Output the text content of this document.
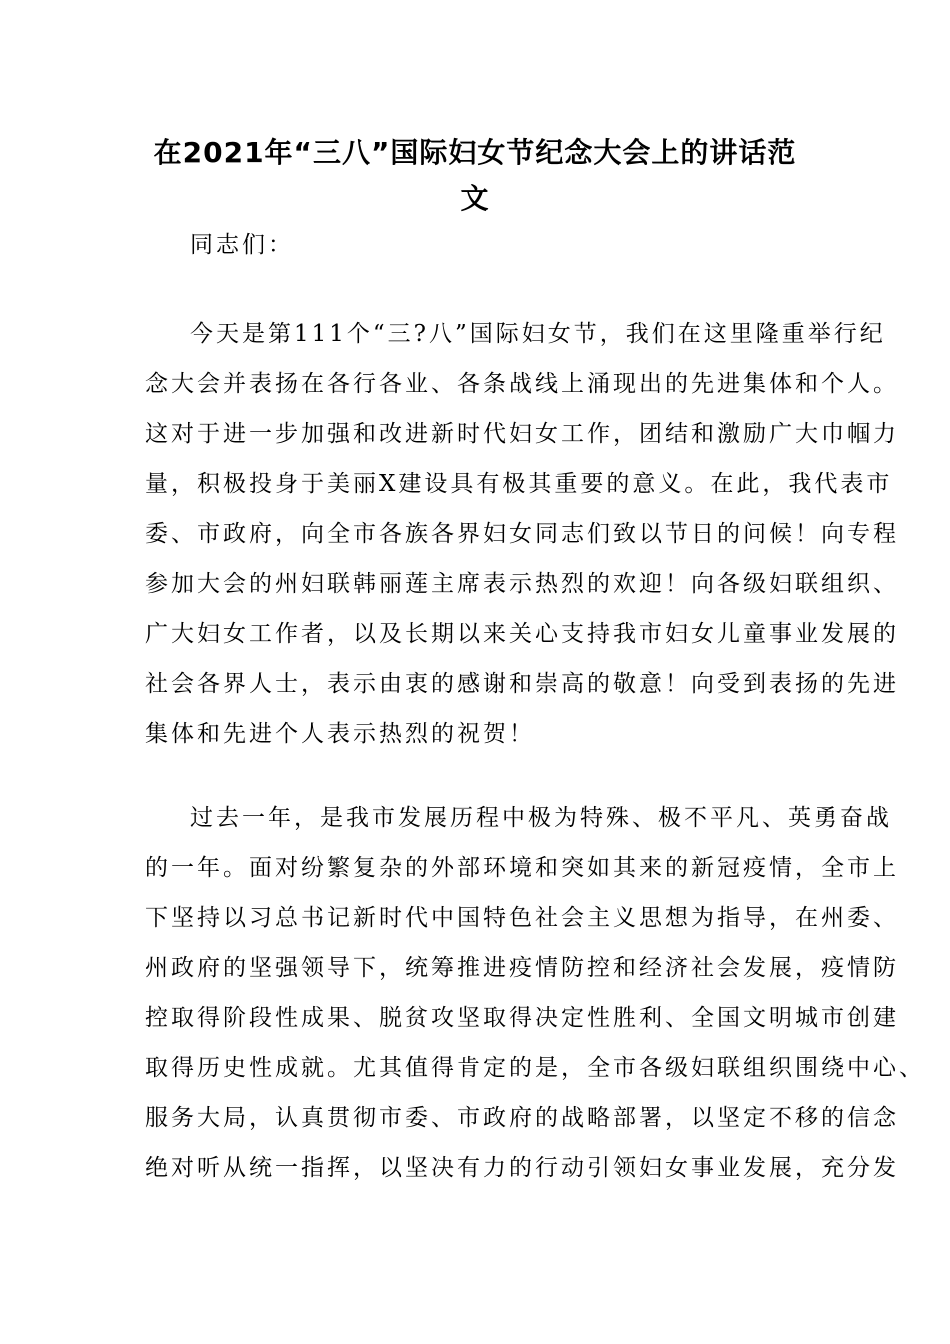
在2021年“三八”国际妇女节纪念大会上的讲话范文

同志们：

今天是第111个“三?八”国际妇女节，我们在这里隆重举行纪

念大会并表扬在各行各业、各条战线上涌现出的先进集体和个人。

这对于进一步加强和改进新时代妇女工作，团结和激励广大巾帼力

量，积极投身于美丽X建设具有极其重要的意义。在此，我代表市

委、市政府，向全市各族各界妇女同志们致以节日的问候！向专程

参加大会的州妇联韩丽莲主席表示热烈的欢迎！向各级妇联组织、

广大妇女工作者，以及长期以来关心支持我市妇女儿童事业发展的

社会各界人士，表示由衷的感谢和崇高的敬意！向受到表扬的先进

集体和先进个人表示热烈的祝贺！

过去一年，是我市发展历程中极为特殊、极不平凡、英勇奋战

的一年。面对纷繁复杂的外部环境和突如其来的新冠疫情，全市上

下坚持以习总书记新时代中国特色社会主义思想为指导，在州委、

州政府的坚强领导下，统筹推进疫情防控和经济社会发展，疫情防

控取得阶段性成果、脱贫攻坚取得决定性胜利、全国文明城市创建

取得历史性成就。尤其值得肯定的是，全市各级妇联组织围绕中心、

服务大局，认真贯彻市委、市政府的战略部署，以坚定不移的信念

绝对听从统一指挥，以坚决有力的行动引领妇女事业发展，充分发
